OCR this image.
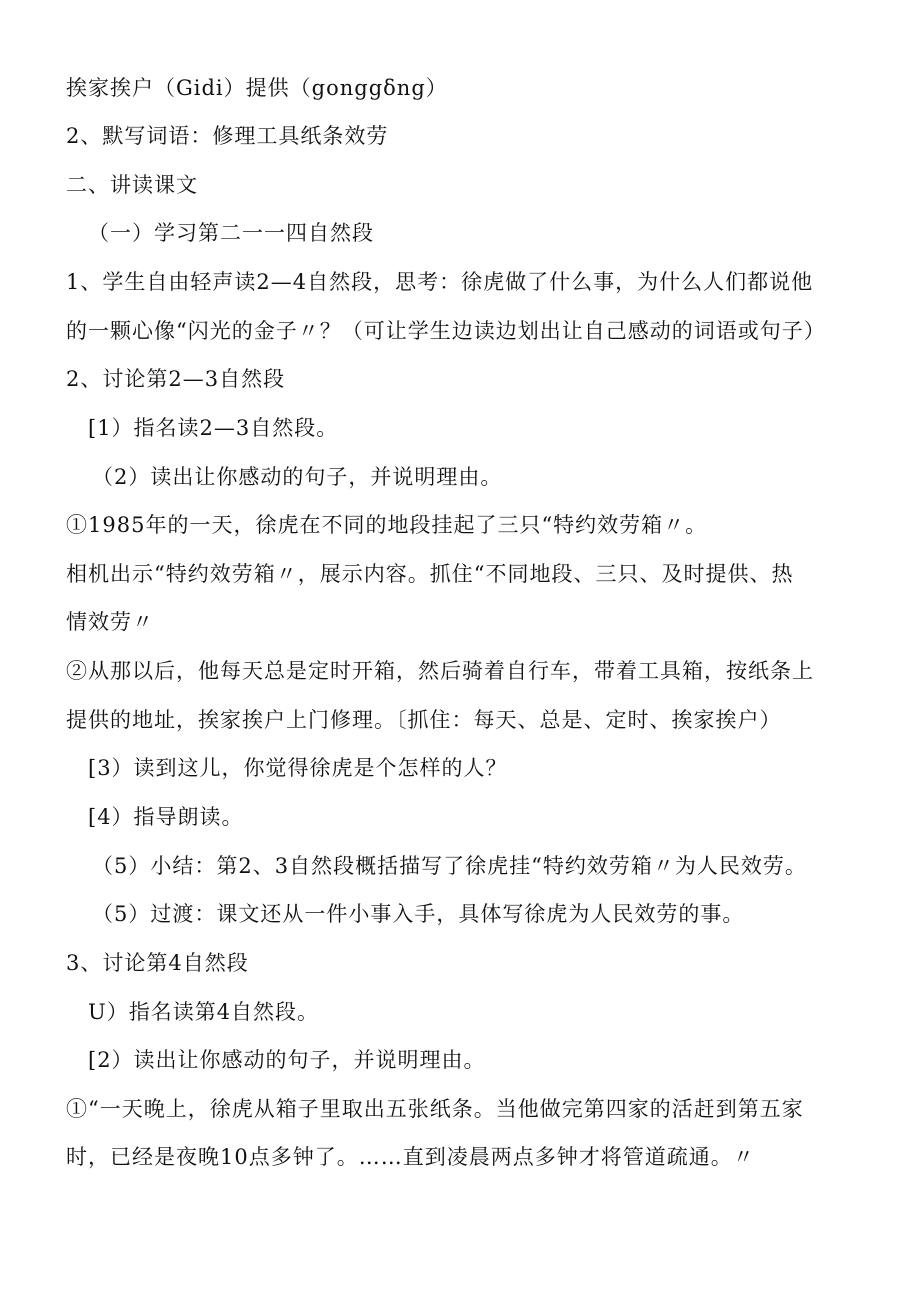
挨家挨户（Gidi）提供（gonggδng）
2、默写词语：修理工具纸条效劳
二、讲读课文
（一）学习第二一一四自然段
1、学生自由轻声读2—4自然段，思考：徐虎做了什么事，为什么人们都说他
的一颗心像“闪光的金子〃？（可让学生边读边划出让自己感动的词语或句子）
2、讨论第2—3自然段
[1）指名读2—3自然段。
（2）读出让你感动的句子，并说明理由。
①1985年的一天，徐虎在不同的地段挂起了三只“特约效劳箱〃。
相机出示“特约效劳箱〃，展示内容。抓住“不同地段、三只、及时提供、热
情效劳〃
②从那以后，他每天总是定时开箱，然后骑着自行车，带着工具箱，按纸条上
提供的地址，挨家挨户上门修理。〔抓住：每天、总是、定时、挨家挨户）
[3）读到这儿，你觉得徐虎是个怎样的人？
[4）指导朗读。
（5）小结：第2、3自然段概括描写了徐虎挂“特约效劳箱〃为人民效劳。
（5）过渡：课文还从一件小事入手，具体写徐虎为人民效劳的事。
3、讨论第4自然段
U）指名读第4自然段。
[2）读出让你感动的句子，并说明理由。
①“一天晚上，徐虎从箱子里取出五张纸条。当他做完第四家的活赶到第五家
时，已经是夜晚10点多钟了。……直到凌晨两点多钟才将管道疏通。〃
